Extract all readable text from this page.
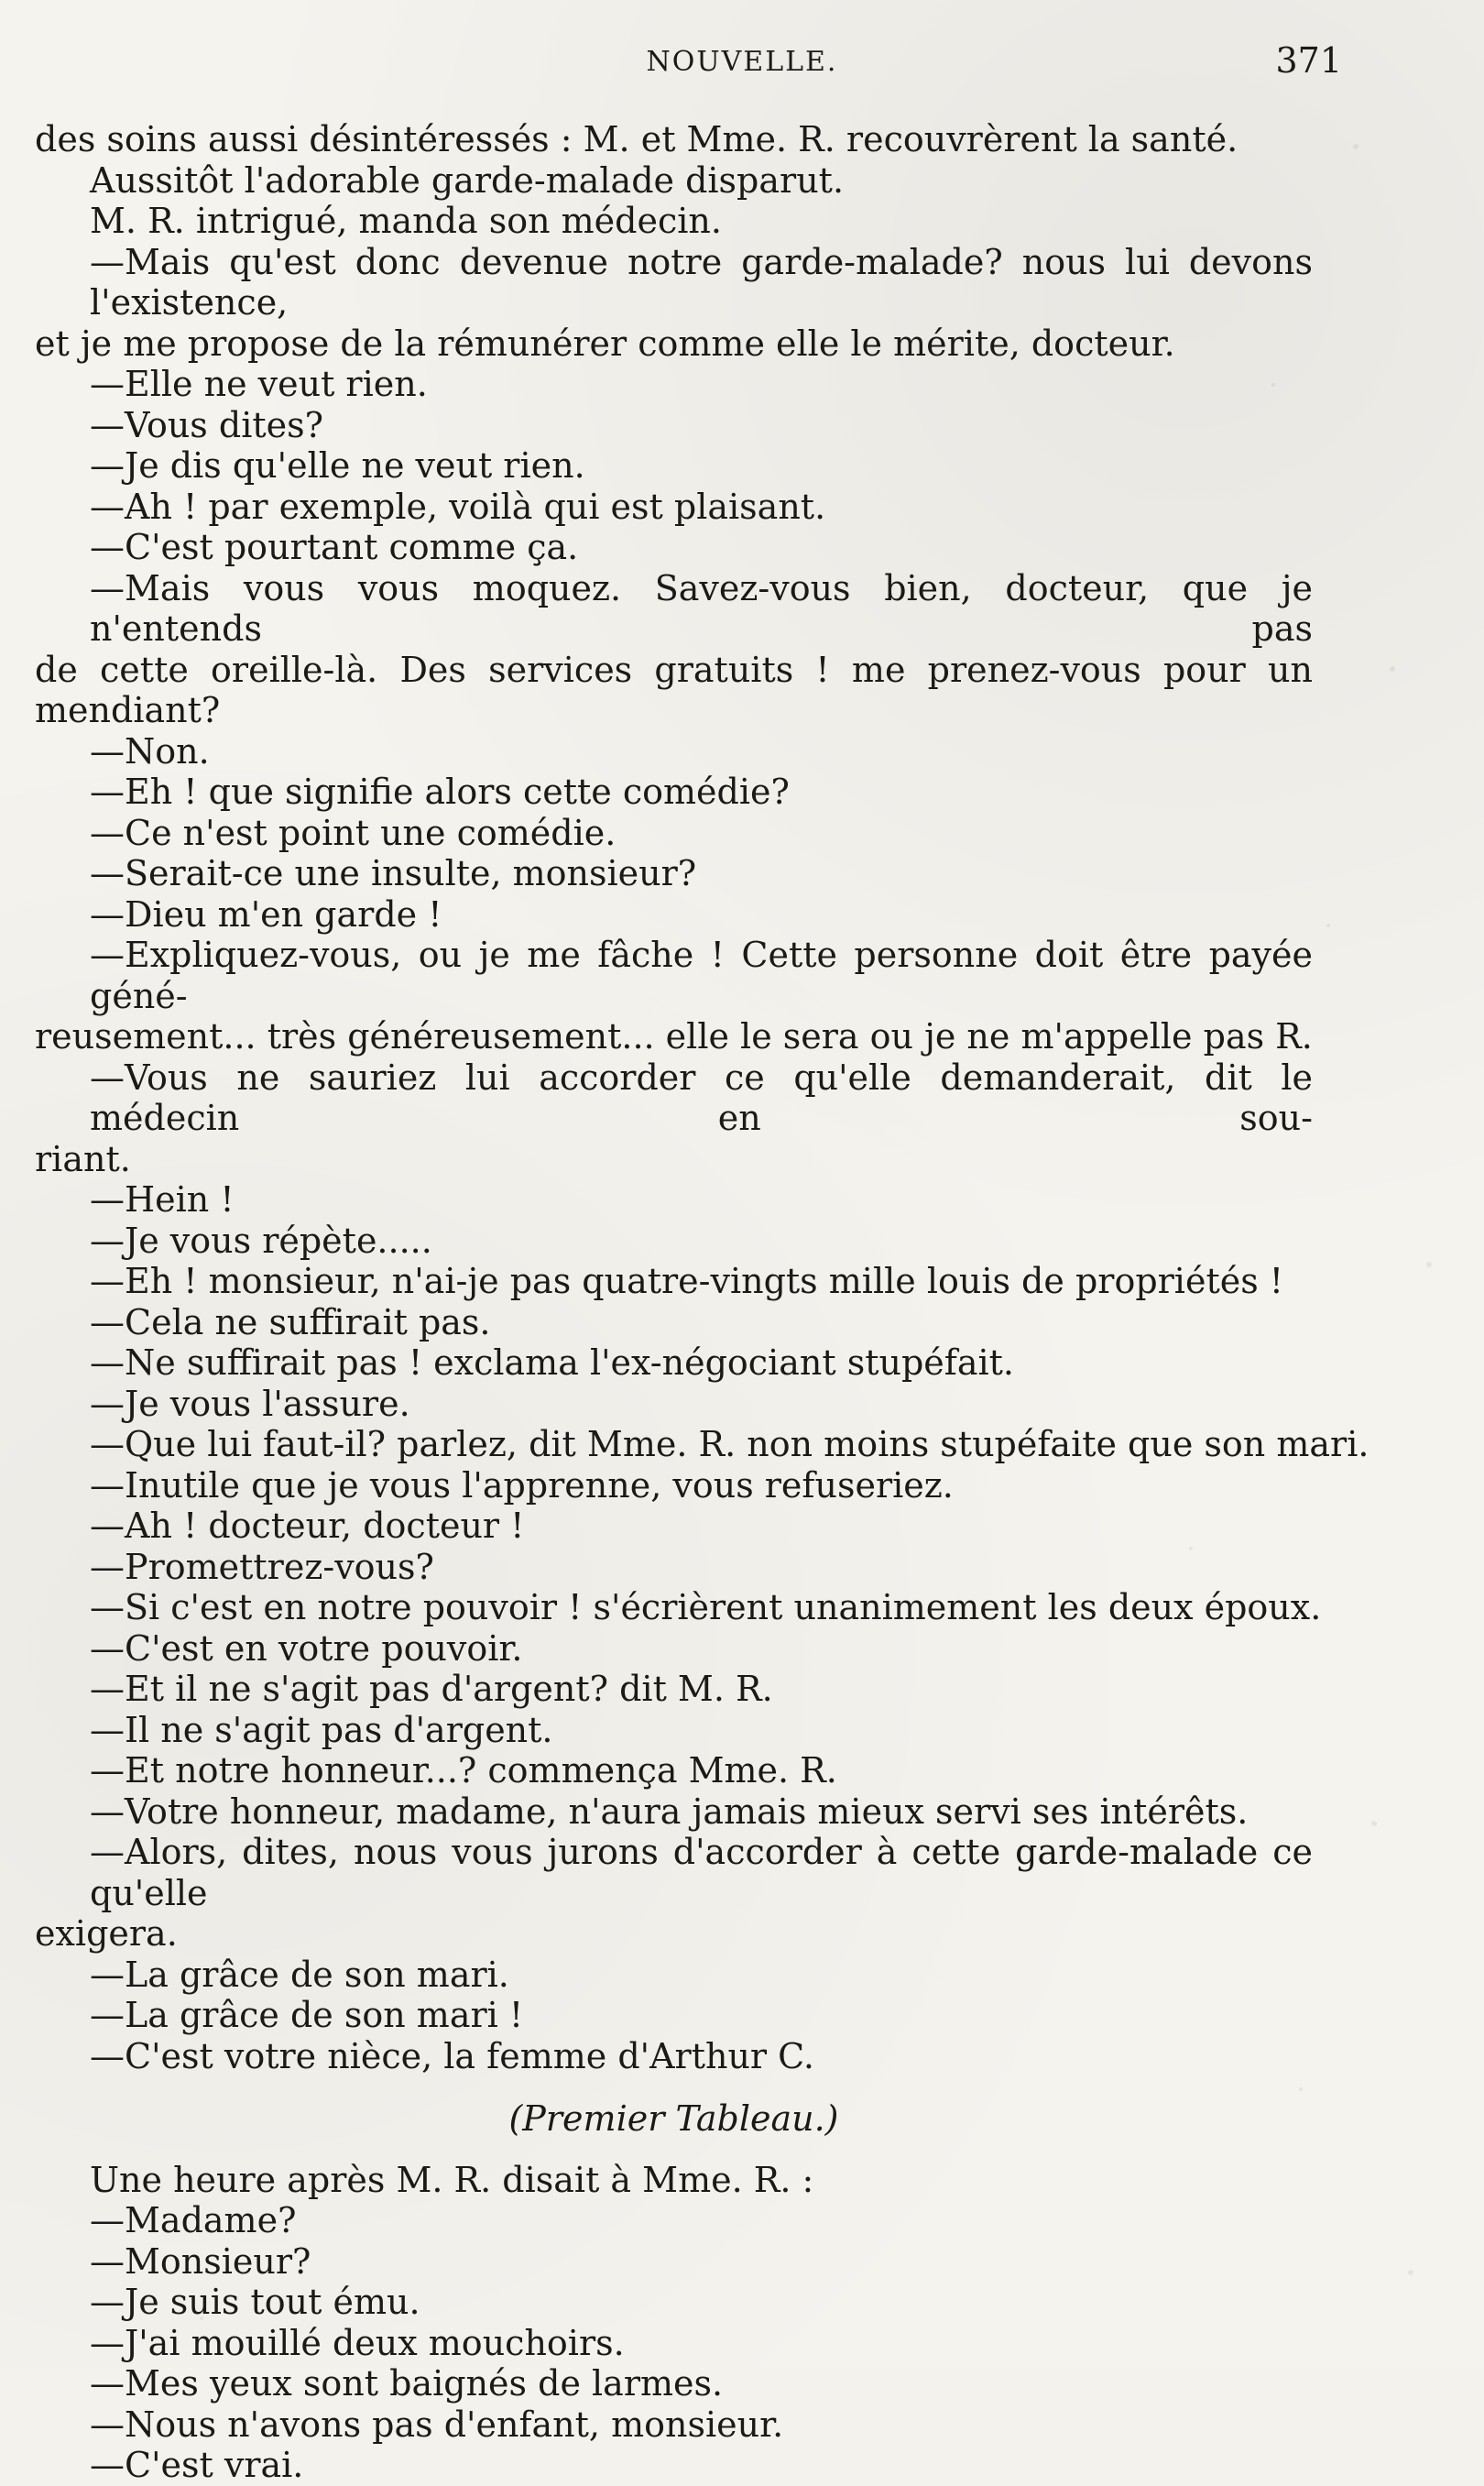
NOUVELLE.	371
des soins aussi désintéressés : M. et Mme. R. recouvrèrent la santé.
Aussitôt l'adorable garde-malade disparut.
M. R. intrigué, manda son médecin.
—Mais qu'est donc devenue notre garde-malade? nous lui devons l'existence,
et je me propose de la rémunérer comme elle le mérite, docteur.
—Elle ne veut rien.
—Vous dites?
—Je dis qu'elle ne veut rien.
—Ah ! par exemple, voilà qui est plaisant.
—C'est pourtant comme ça.
—Mais vous vous moquez. Savez-vous bien, docteur, que je n'entends pas
de cette oreille-là. Des services gratuits ! me prenez-vous pour un mendiant?
—Non.
—Eh ! que signifie alors cette comédie?
—Ce n'est point une comédie.
—Serait-ce une insulte, monsieur?
—Dieu m'en garde !
—Expliquez-vous, ou je me fâche ! Cette personne doit être payée géné-
reusement... très généreusement... elle le sera ou je ne m'appelle pas R.
—Vous ne sauriez lui accorder ce qu'elle demanderait, dit le médecin en sou-
riant.
—Hein !
—Je vous répète.....
—Eh ! monsieur, n'ai-je pas quatre-vingts mille louis de propriétés !
—Cela ne suffirait pas.
—Ne suffirait pas ! exclama l'ex-négociant stupéfait.
—Je vous l'assure.
—Que lui faut-il? parlez, dit Mme. R. non moins stupéfaite que son mari.
—Inutile que je vous l'apprenne, vous refuseriez.
—Ah ! docteur, docteur !
—Promettrez-vous?
—Si c'est en notre pouvoir ! s'écrièrent unanimement les deux époux.
—C'est en votre pouvoir.
—Et il ne s'agit pas d'argent? dit M. R.
—Il ne s'agit pas d'argent.
—Et notre honneur...? commença Mme. R.
—Votre honneur, madame, n'aura jamais mieux servi ses intérêts.
—Alors, dites, nous vous jurons d'accorder à cette garde-malade ce qu'elle
exigera.
—La grâce de son mari.
—La grâce de son mari !
—C'est votre nièce, la femme d'Arthur C.
(Premier Tableau.)
Une heure après M. R. disait à Mme. R. :
—Madame?
—Monsieur?
—Je suis tout ému.
—J'ai mouillé deux mouchoirs.
—Mes yeux sont baignés de larmes.
—Nous n'avons pas d'enfant, monsieur.
—C'est vrai.
